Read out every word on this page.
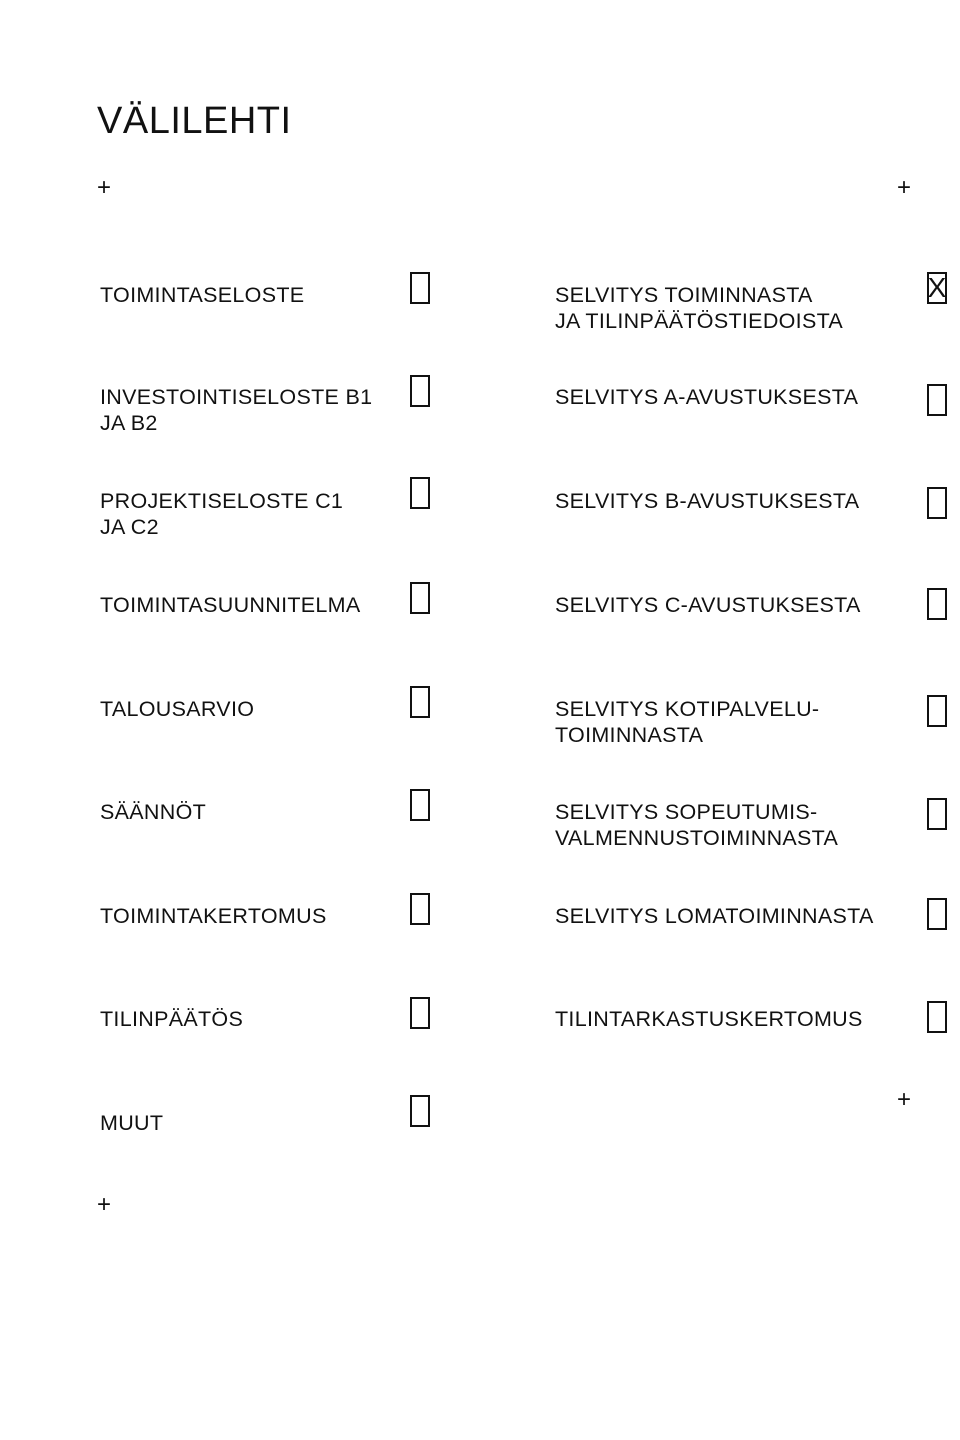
VÄLILEHTI
+	+
TOIMINTASELOSTE
INVESTOINTISELOSTE B1
JA B2
PROJEKTISELOSTE C1
JA C2
TOIMINTASUUNNITELMA
TALOUSARVIO
SÄÄNNÖT
TOIMINTAKERTOMUS
TILINPÄÄTÖS
MUUT
SELVITYS TOIMINNASTA
JA TILINPÄÄTÖSTIEDOISTA
X
SELVITYS A-AVUSTUKSESTA
SELVITYS B-AVUSTUKSESTA
SELVITYS C-AVUSTUKSESTA
SELVITYS KOTIPALVELU-
TOIMINNASTA
SELVITYS SOPEUTUMIS-
VALMENNUSTOIMINNASTA
SELVITYS LOMATOIMINNASTA
TILINTARKASTUSKERTOMUS
+
+
